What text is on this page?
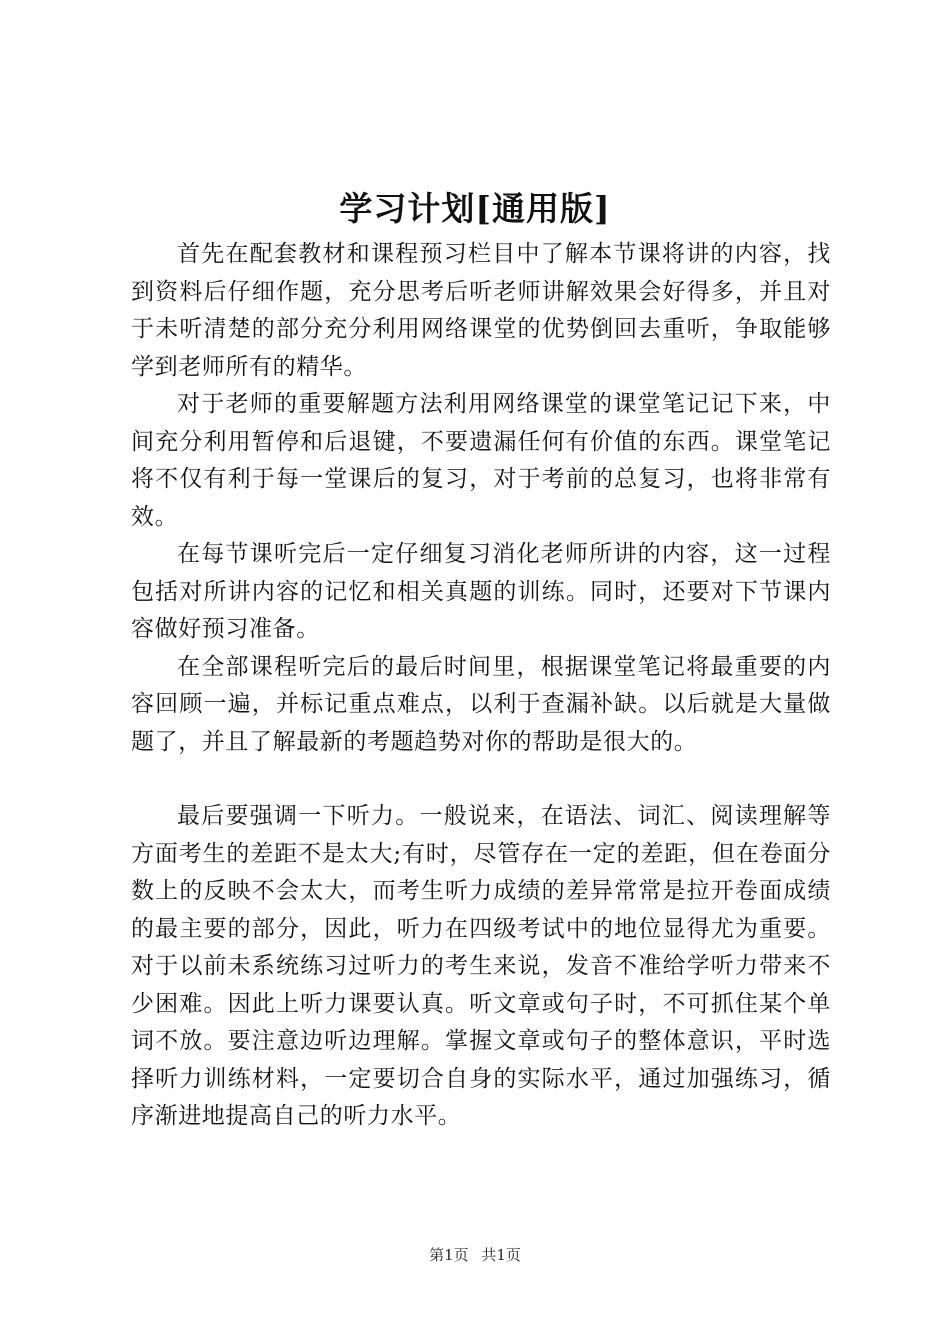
学习计划[通用版]

首先在配套教材和课程预习栏目中了解本节课将讲的内容，找到资料后仔细作题，充分思考后听老师讲解效果会好得多，并且对于未听清楚的部分充分利用网络课堂的优势倒回去重听，争取能够学到老师所有的精华。

对于老师的重要解题方法利用网络课堂的课堂笔记记下来，中间充分利用暂停和后退键，不要遗漏任何有价值的东西。课堂笔记将不仅有利于每一堂课后的复习，对于考前的总复习，也将非常有效。

在每节课听完后一定仔细复习消化老师所讲的内容，这一过程包括对所讲内容的记忆和相关真题的训练。同时，还要对下节课内容做好预习准备。

在全部课程听完后的最后时间里，根据课堂笔记将最重要的内容回顾一遍，并标记重点难点，以利于查漏补缺。以后就是大量做题了，并且了解最新的考题趋势对你的帮助是很大的。

最后要强调一下听力。一般说来，在语法、词汇、阅读理解等方面考生的差距不是太大;有时，尽管存在一定的差距，但在卷面分数上的反映不会太大，而考生听力成绩的差异常常是拉开卷面成绩的最主要的部分，因此，听力在四级考试中的地位显得尤为重要。对于以前未系统练习过听力的考生来说，发音不准给学听力带来不少困难。因此上听力课要认真。听文章或句子时，不可抓住某个单词不放。要注意边听边理解。掌握文章或句子的整体意识，平时选择听力训练材料，一定要切合自身的实际水平，通过加强练习，循序渐进地提高自己的听力水平。

第1页 共1页
